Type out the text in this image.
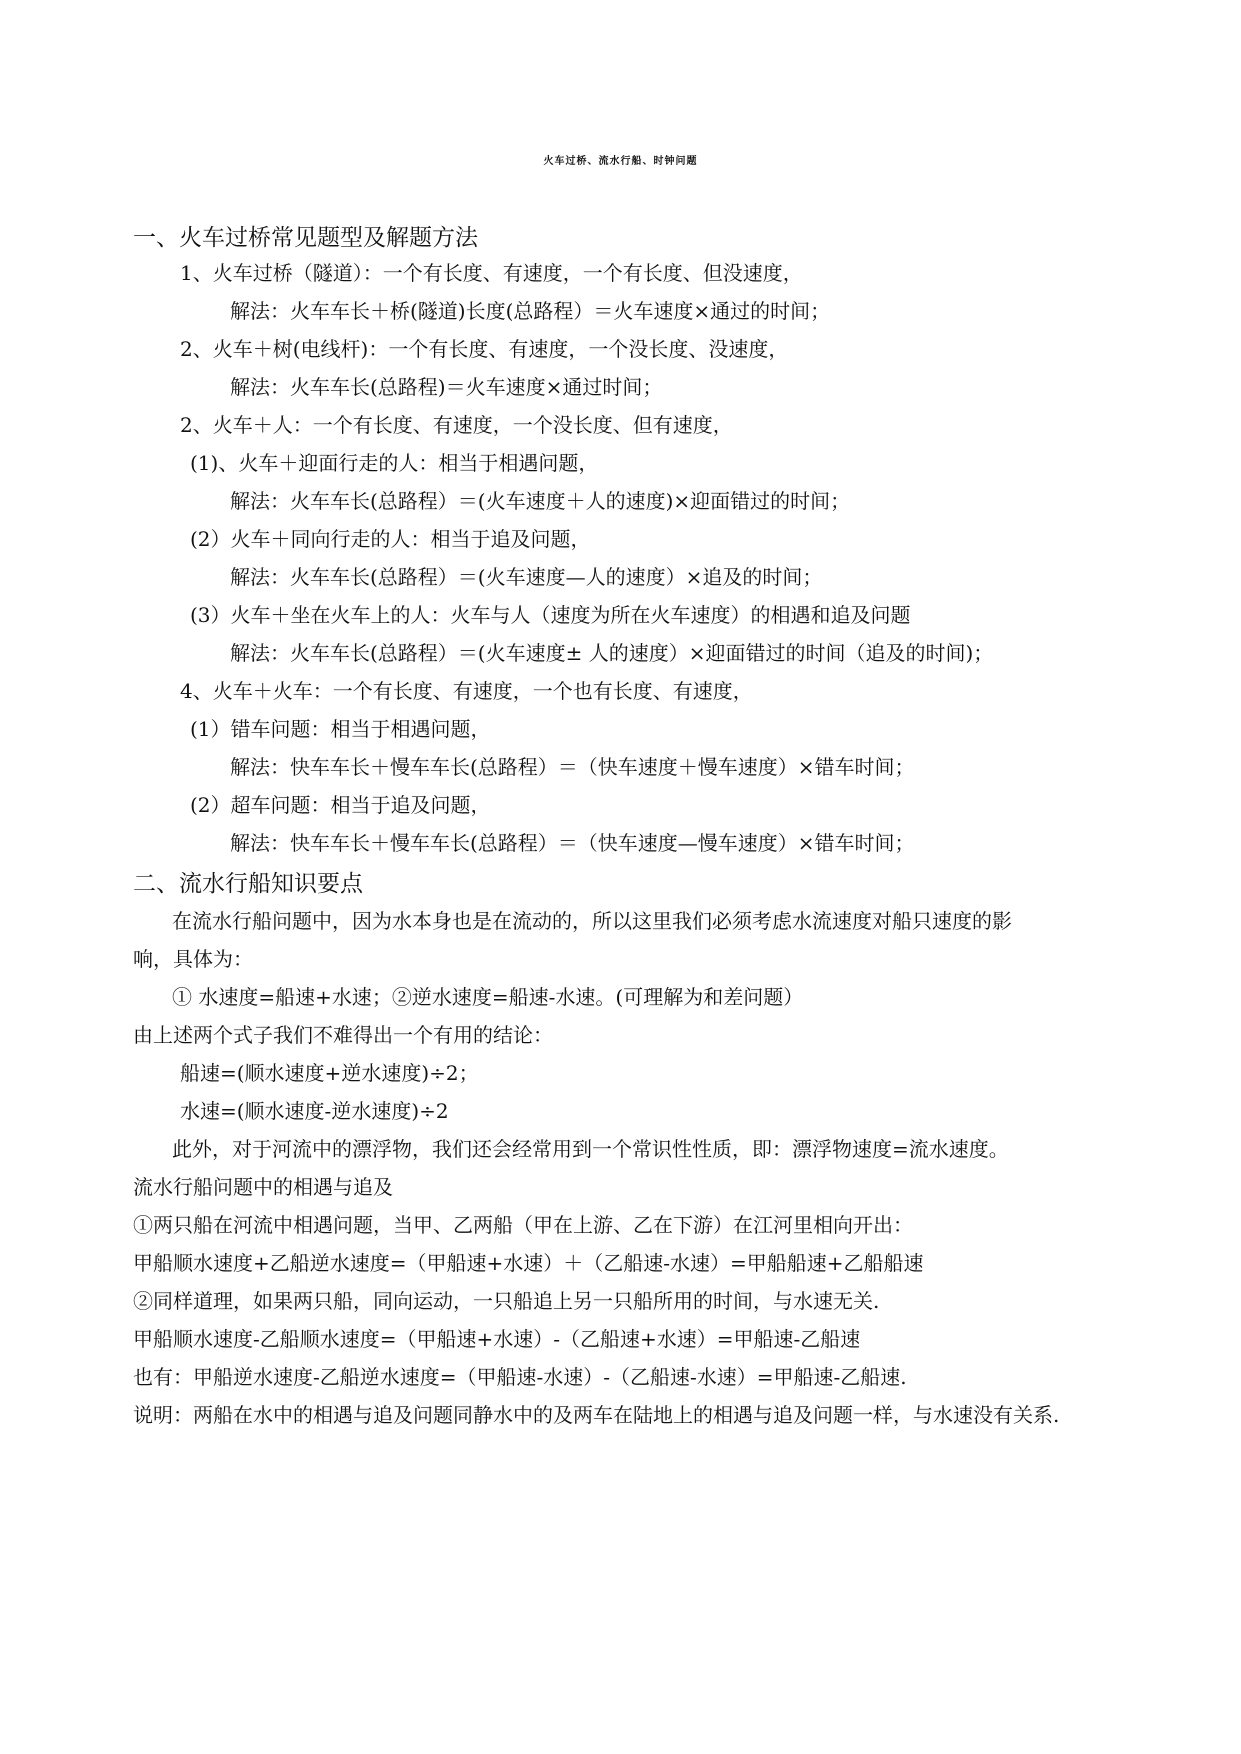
火车过桥、流水行船、时钟问题
一、火车过桥常见题型及解题方法
1、火车过桥（隧道）：一个有长度、有速度，一个有长度、但没速度，
解法：火车车长＋桥(隧道)长度(总路程）＝火车速度×通过的时间；
2、火车＋树(电线杆)：一个有长度、有速度，一个没长度、没速度，
解法：火车车长(总路程)＝火车速度×通过时间；
2、火车＋人：一个有长度、有速度，一个没长度、但有速度，
(1)、火车＋迎面行走的人：相当于相遇问题，
解法：火车车长(总路程）＝(火车速度＋人的速度)×迎面错过的时间；
(2）火车＋同向行走的人：相当于追及问题，
解法：火车车长(总路程）＝(火车速度—人的速度）×追及的时间；
(3）火车＋坐在火车上的人：火车与人（速度为所在火车速度）的相遇和追及问题
解法：火车车长(总路程）＝(火车速度± 人的速度）×迎面错过的时间（追及的时间)；
4、火车＋火车：一个有长度、有速度，一个也有长度、有速度，
(1）错车问题：相当于相遇问题，
解法：快车车长＋慢车车长(总路程）＝（快车速度＋慢车速度）×错车时间；
(2）超车问题：相当于追及问题，
解法：快车车长＋慢车车长(总路程）＝（快车速度—慢车速度）×错车时间；
二、流水行船知识要点
在流水行船问题中，因为水本身也是在流动的，所以这里我们必须考虑水流速度对船只速度的影
响，具体为：
① 水速度=船速+水速；②逆水速度=船速-水速。(可理解为和差问题）
由上述两个式子我们不难得出一个有用的结论：
船速=(顺水速度+逆水速度)÷2；
水速=(顺水速度-逆水速度)÷2
此外，对于河流中的漂浮物，我们还会经常用到一个常识性性质，即：漂浮物速度=流水速度。
流水行船问题中的相遇与追及
①两只船在河流中相遇问题，当甲、乙两船（甲在上游、乙在下游）在江河里相向开出：
甲船顺水速度+乙船逆水速度=（甲船速+水速）＋（乙船速-水速）=甲船船速+乙船船速
②同样道理，如果两只船，同向运动，一只船追上另一只船所用的时间，与水速无关.
甲船顺水速度-乙船顺水速度=（甲船速+水速）-（乙船速+水速）=甲船速-乙船速
也有：甲船逆水速度-乙船逆水速度=（甲船速-水速）-（乙船速-水速）=甲船速-乙船速.
说明：两船在水中的相遇与追及问题同静水中的及两车在陆地上的相遇与追及问题一样，与水速没有关系.
